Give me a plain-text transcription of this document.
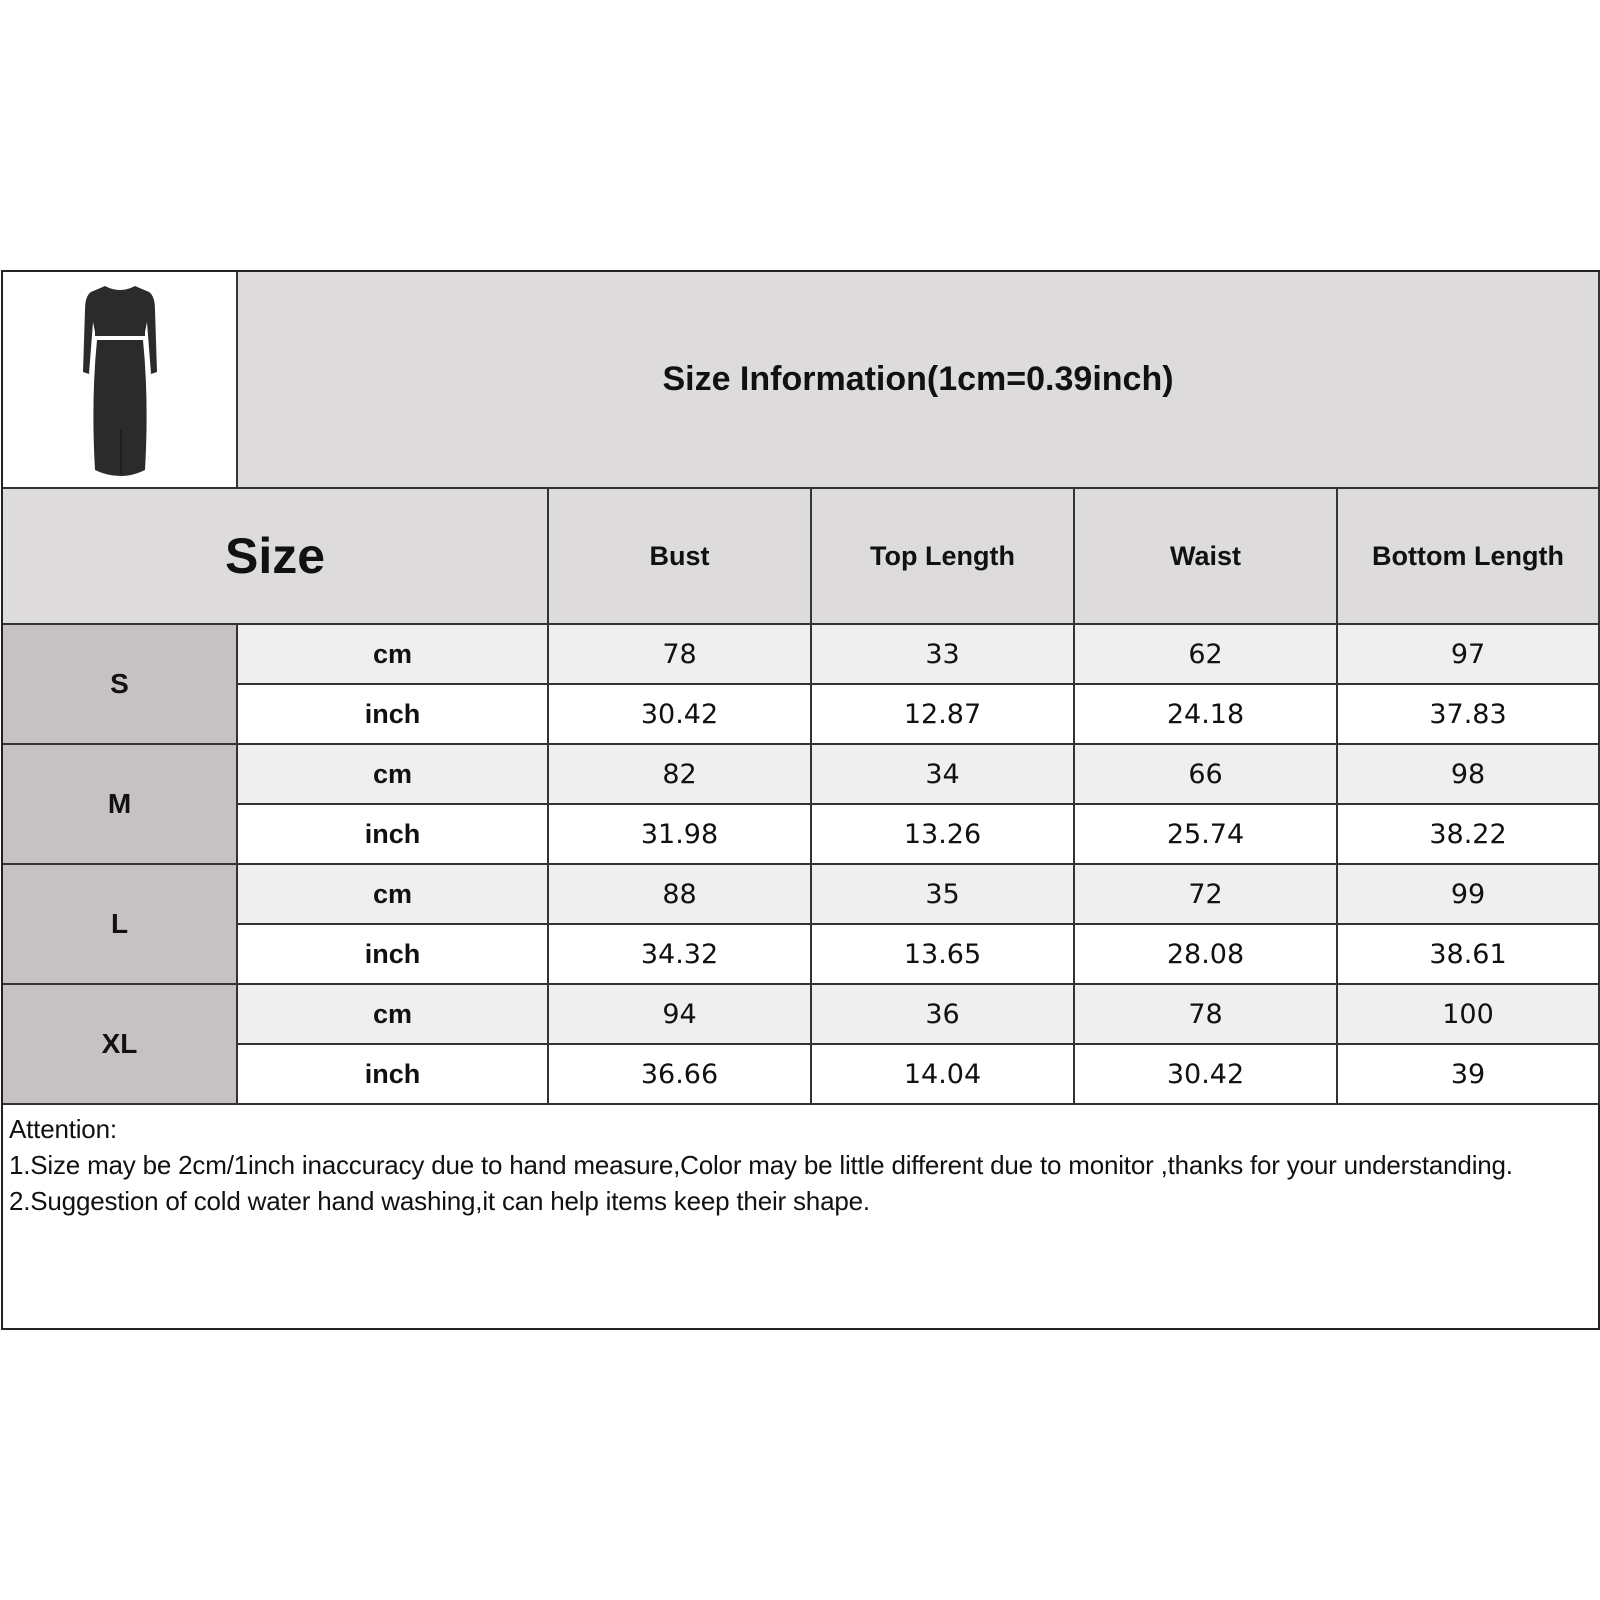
Size Information(1cm=0.39inch)
Size	Bust	Top Length	Waist	Bottom Length
S
cm	78	33	62	97
inch	30.42	12.87	24.18	37.83
M
cm	82	34	66	98
inch	31.98	13.26	25.74	38.22
L
cm	88	35	72	99
inch	34.32	13.65	28.08	38.61
XL
cm	94	36	78	100
inch	36.66	14.04	30.42	39
Attention:
1.Size may be 2cm/1inch inaccuracy due to hand measure,Color may be little different due to monitor ,thanks for your understanding.
2.Suggestion of cold water hand washing,it can help items keep their shape.
